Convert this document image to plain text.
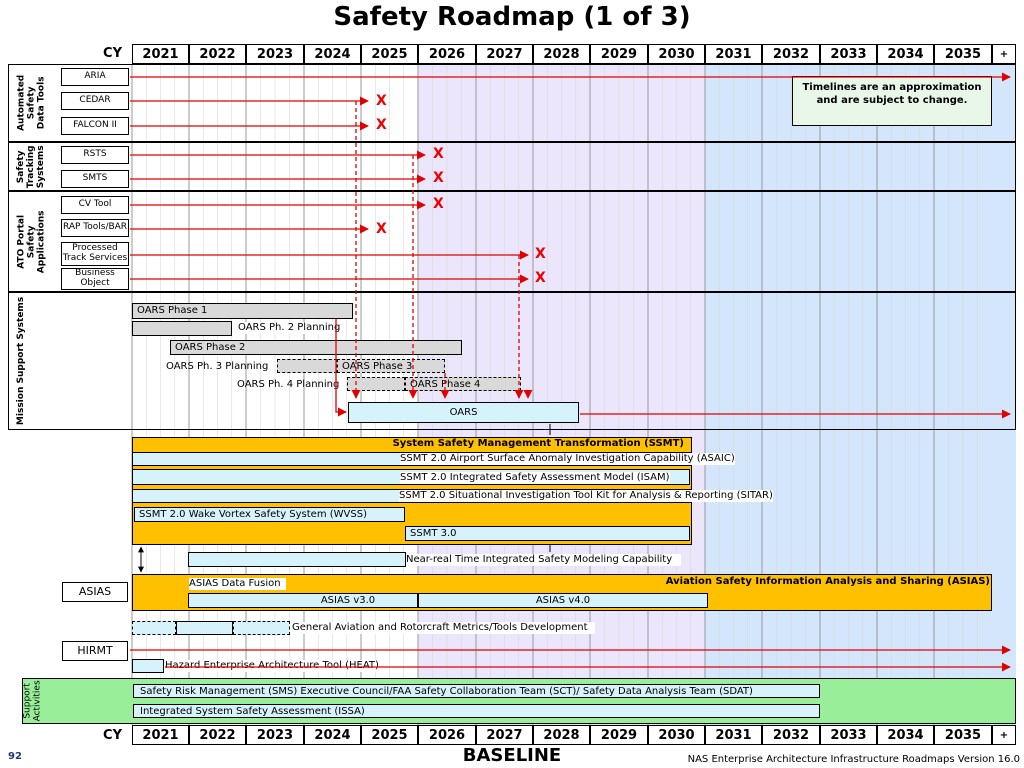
Safety Roadmap (1 of 3)
CY	2021	2022	2023	2024	2025	2026	2027	2028	2029	2030	2031	2032	2033	2034	2035	+
CY	2021	2022	2023	2024	2025	2026	2027	2028	2029	2030	2031	2032	2033	2034	2035	+
Automated Safety Data Tools
Safety Tracking Systems
ATO Portal Safety Applications
Mission Support Systems
ARIA
CEDAR
FALCON II
RSTS
SMTS
CV Tool
RAP Tools/BAR
Processed Track Services
Business Object
ASIAS
HIRMT
Timelines are an approximation and are subject to change.
X
X
X
X
X
X
X
X
OARS Phase 1
OARS Ph. 2 Planning
OARS Phase 2
OARS Ph. 3 Planning	OARS Phase 3
OARS Ph. 4 Planning	OARS Phase 4
OARS
System Safety Management Transformation (SSMT)
SSMT 2.0 Airport Surface Anomaly Investigation Capability (ASAIC)
SSMT 2.0 Integrated Safety Assessment Model (ISAM)
SSMT 2.0 Situational Investigation Tool Kit for Analysis & Reporting (SITAR)
SSMT 2.0 Wake Vortex Safety System (WVSS)
SSMT 3.0
Near-real Time Integrated Safety Modeling Capability
Aviation Safety Information Analysis and Sharing (ASIAS)
ASIAS v3.0	ASIAS v4.0
ASIAS Data Fusion
General Aviation and Rotorcraft Metrics/Tools Development
Hazard Enterprise Architecture Tool (HEAT)
Support Activities	Safety Risk Management (SMS) Executive Council/FAA Safety Collaboration Team (SCT)/ Safety Data Analysis Team (SDAT)
Integrated System Safety Assessment (ISSA)
92	BASELINE	NAS Enterprise Architecture Infrastructure Roadmaps Version 16.0
